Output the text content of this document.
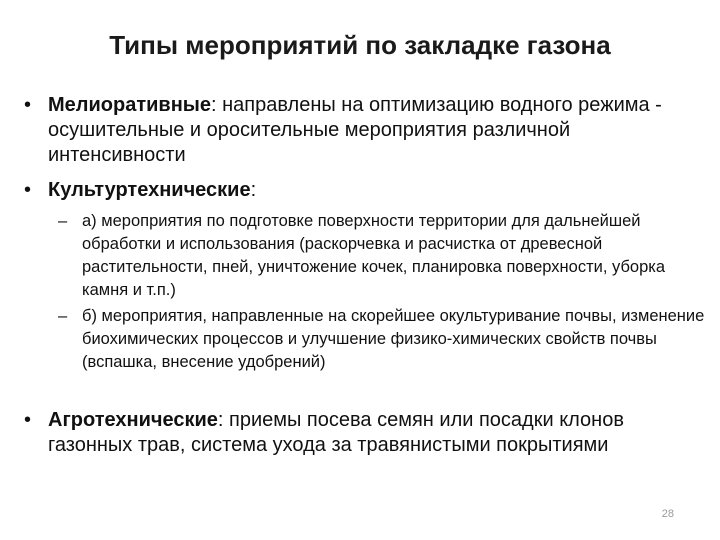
Типы мероприятий по закладке газона
• Мелиоративные: направлены на оптимизацию водного режима - осушительные и оросительные мероприятия различной интенсивности
• Культуртехнические:
– а) мероприятия по подготовке поверхности территории для дальнейшей обработки и использования (раскорчевка и расчистка от древесной растительности, пней, уничтожение кочек, планировка поверхности, уборка камня и т.п.)
– б) мероприятия, направленные на скорейшее окультуривание почвы, изменение биохимических процессов и улучшение физико-химических свойств почвы (вспашка, внесение удобрений)
• Агротехнические: приемы посева семян или посадки клонов газонных трав, система ухода за травянистыми покрытиями
28
